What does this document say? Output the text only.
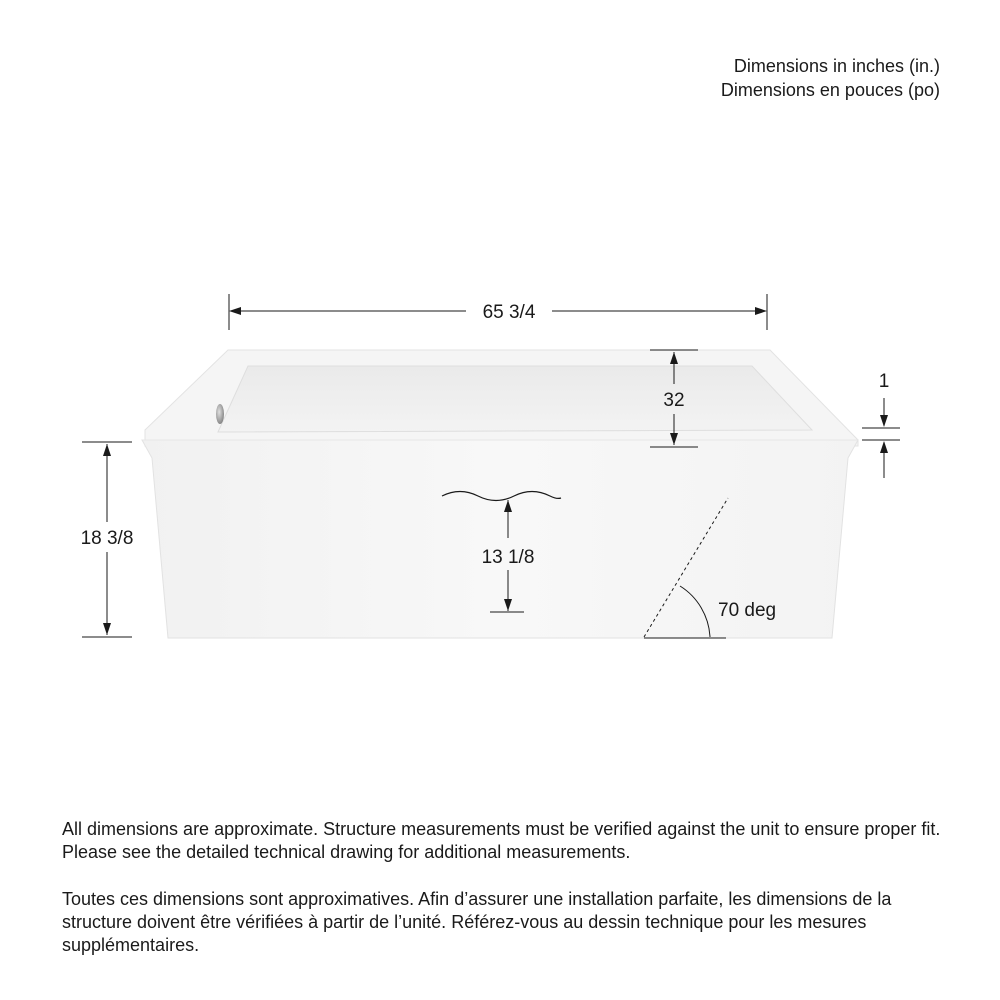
Dimensions in inches (in.)
Dimensions en pouces (po)
65 3/4
32
1
18 3/8
13 1/8
70 deg

All dimensions are approximate. Structure measurements must be verified against the unit to ensure proper fit. Please see the detailed technical drawing for additional measurements.

Toutes ces dimensions sont approximatives. Afin d’assurer une installation parfaite, les dimensions de la structure doivent être vérifiées à partir de l’unité. Référez-vous au dessin technique pour les mesures supplémentaires.
